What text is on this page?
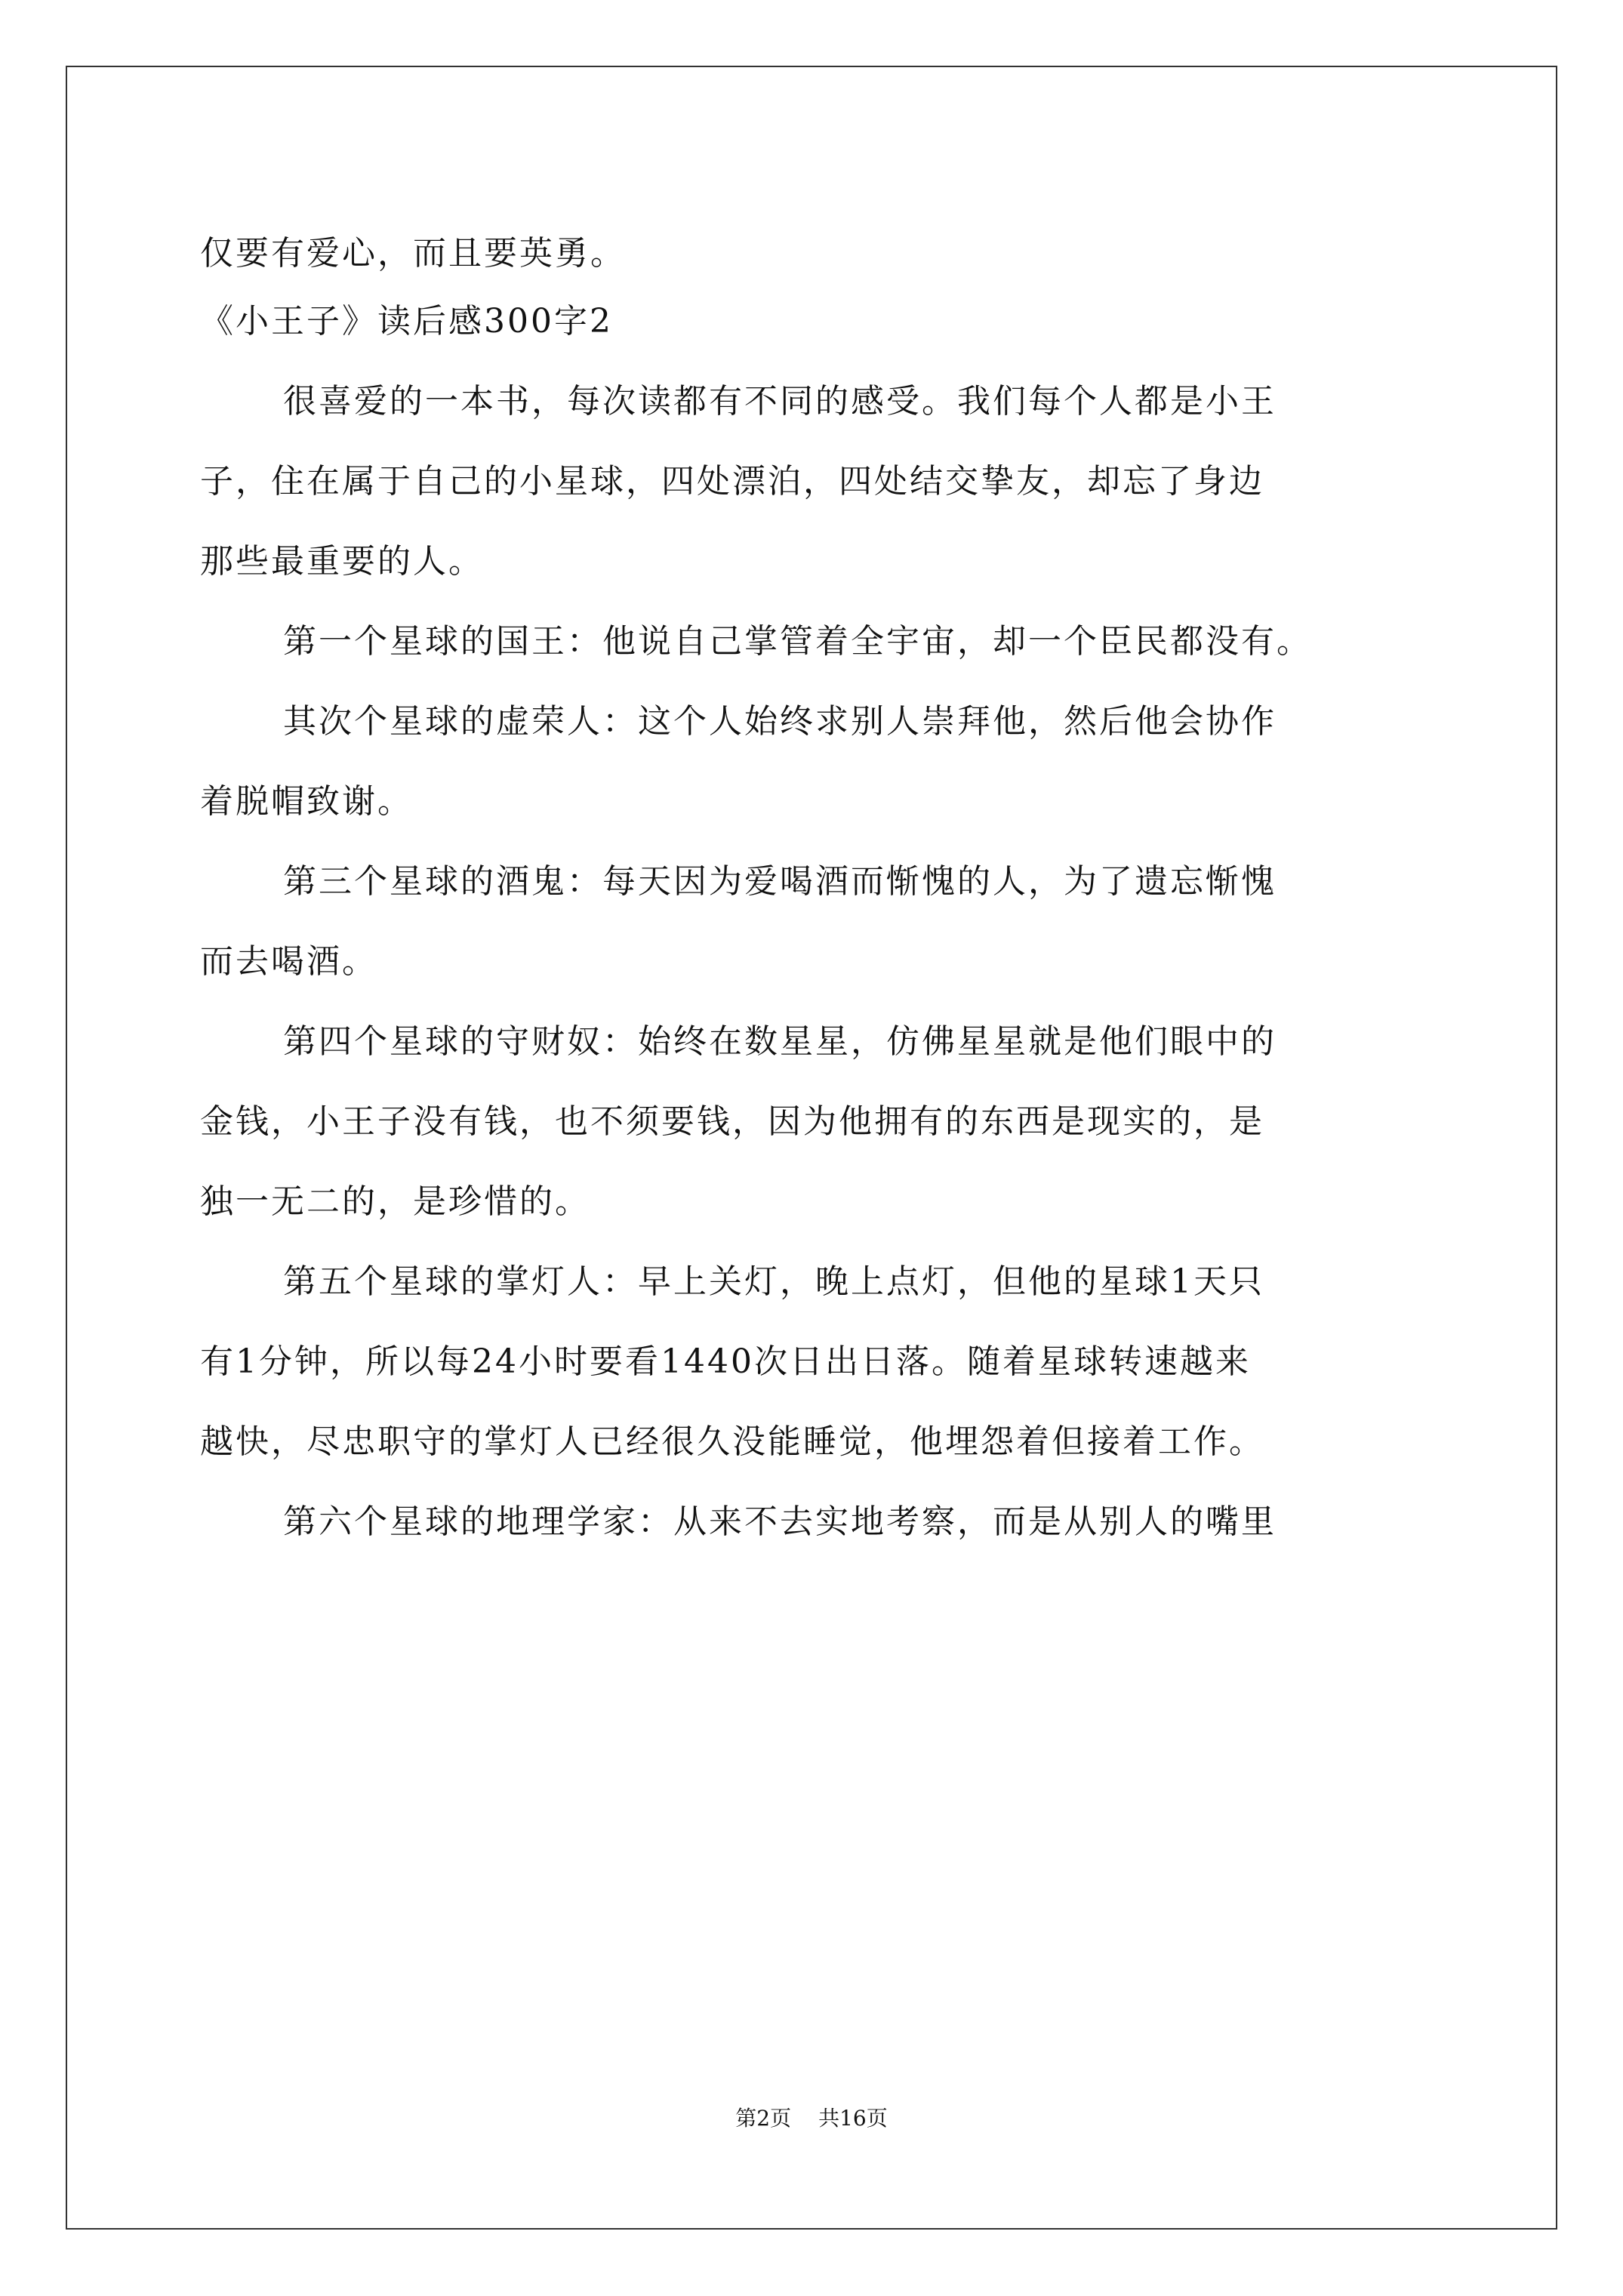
仅要有爱心，而且要英勇。
《小王子》读后感300字2
很喜爱的一本书，每次读都有不同的感受。我们每个人都是小王
子，住在属于自己的小星球，四处漂泊，四处结交挚友，却忘了身边
那些最重要的人。
第一个星球的国王：他说自己掌管着全宇宙，却一个臣民都没有。
其次个星球的虚荣人：这个人始终求别人崇拜他，然后他会协作
着脱帽致谢。
第三个星球的酒鬼：每天因为爱喝酒而惭愧的人，为了遗忘惭愧
而去喝酒。
第四个星球的守财奴：始终在数星星，仿佛星星就是他们眼中的
金钱，小王子没有钱，也不须要钱，因为他拥有的东西是现实的，是
独一无二的，是珍惜的。
第五个星球的掌灯人：早上关灯，晚上点灯，但他的星球1天只
有1分钟，所以每24小时要看1440次日出日落。随着星球转速越来
越快，尽忠职守的掌灯人已经很久没能睡觉，他埋怨着但接着工作。
第六个星球的地理学家：从来不去实地考察，而是从别人的嘴里
第2页 共16页
